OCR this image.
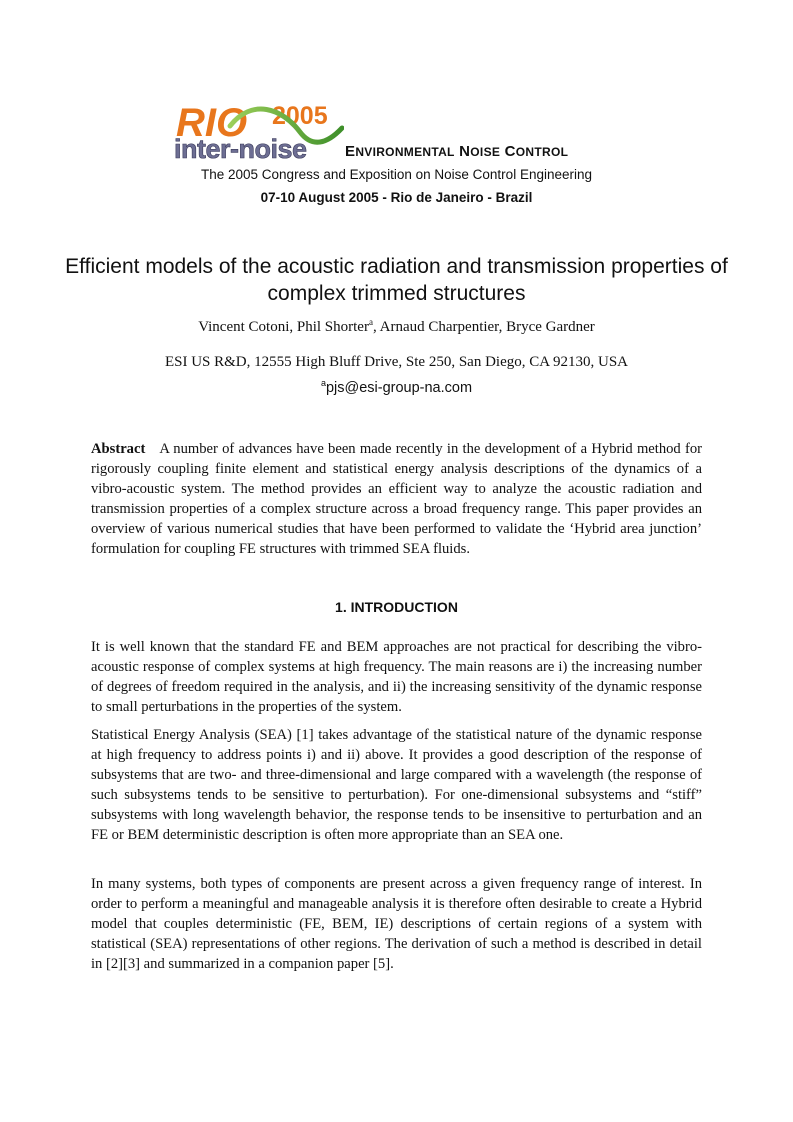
RIO 2005
inter-noise	ENVIRONMENTAL NOISE CONTROL
The 2005 Congress and Exposition on Noise Control Engineering
07-10 August 2005 - Rio de Janeiro - Brazil
Efficient models of the acoustic radiation and transmission properties of complex trimmed structures
Vincent Cotoni, Phil Shorter$^a$, Arnaud Charpentier, Bryce Gardner
ESI US R&D, 12555 High Bluff Drive, Ste 250, San Diego, CA 92130, USA
$^a$pjs@esi-group-na.com
Abstract A number of advances have been made recently in the development of a Hybrid method for rigorously coupling finite element and statistical energy analysis descriptions of the dynamics of a vibro-acoustic system. The method provides an efficient way to analyze the acoustic radiation and transmission properties of a complex structure across a broad frequency range. This paper provides an overview of various numerical studies that have been performed to validate the ‘Hybrid area junction’ formulation for coupling FE structures with trimmed SEA fluids.
1. INTRODUCTION
It is well known that the standard FE and BEM approaches are not practical for describing the vibro-acoustic response of complex systems at high frequency. The main reasons are i) the increasing number of degrees of freedom required in the analysis, and ii) the increasing sensitivity of the dynamic response to small perturbations in the properties of the system.
Statistical Energy Analysis (SEA) [1] takes advantage of the statistical nature of the dynamic response at high frequency to address points i) and ii) above. It provides a good description of the response of subsystems that are two- and three-dimensional and large compared with a wavelength (the response of such subsystems tends to be sensitive to perturbation). For one-dimensional subsystems and “stiff” subsystems with long wavelength behavior, the response tends to be insensitive to perturbation and an FE or BEM deterministic description is often more appropriate than an SEA one.
In many systems, both types of components are present across a given frequency range of interest. In order to perform a meaningful and manageable analysis it is therefore often desirable to create a Hybrid model that couples deterministic (FE, BEM, IE) descriptions of certain regions of a system with statistical (SEA) representations of other regions. The derivation of such a method is described in detail in [2][3] and summarized in a companion paper [5].
